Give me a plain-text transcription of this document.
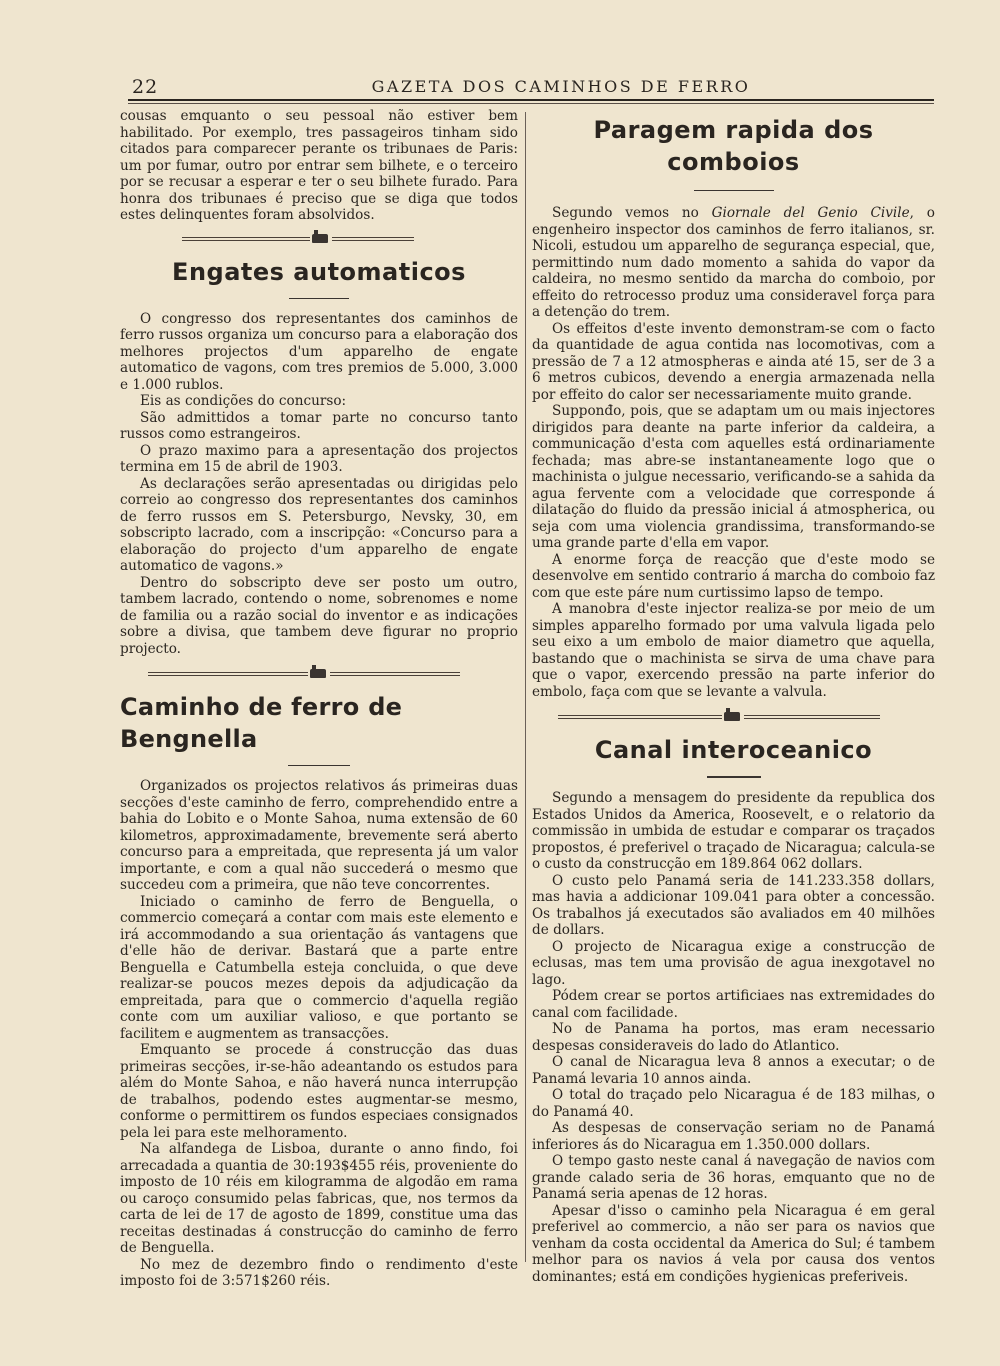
22	GAZETA DOS CAMINHOS DE FERRO

cousas emquanto o seu pessoal não estiver bem habilitado. Por exemplo, tres passageiros tinham sido citados para comparecer perante os tribunaes de Paris: um por fumar, outro por entrar sem bilhete, e o terceiro por se recusar a esperar e ter o seu bilhete furado. Para honra dos tribunaes é preciso que se diga que todos estes delinquentes foram absolvidos.

Engates automaticos

O congresso dos representantes dos caminhos de ferro russos organiza um concurso para a elaboração dos melhores projectos d'um apparelho de engate automatico de vagons, com tres premios de 5.000, 3.000 e 1.000 rublos.

Eis as condições do concurso:

São admittidos a tomar parte no concurso tanto russos como estrangeiros.

O prazo maximo para a apresentação dos projectos termina em 15 de abril de 1903.

As declarações serão apresentadas ou dirigidas pelo correio ao congresso dos representantes dos caminhos de ferro russos em S. Petersburgo, Nevsky, 30, em sobscripto lacrado, com a inscripção: «Concurso para a elaboração do projecto d'um apparelho de engate automatico de vagons.»

Dentro do sobscripto deve ser posto um outro, tambem lacrado, contendo o nome, sobrenomes e nome de familia ou a razão social do inventor e as indicações sobre a divisa, que tambem deve figurar no proprio projecto.

Caminho de ferro de Bengnella

Organizados os projectos relativos ás primeiras duas secções d'este caminho de ferro, comprehendido entre a bahia do Lobito e o Monte Sahoa, numa extensão de 60 kilometros, approximadamente, brevemente será aberto concurso para a empreitada, que representa já um valor importante, e com a qual não succederá o mesmo que succedeu com a primeira, que não teve concorrentes.

Iniciado o caminho de ferro de Benguella, o commercio começará a contar com mais este elemento e irá accommodando a sua orientação ás vantagens que d'elle hão de derivar. Bastará que a parte entre Benguella e Catumbella esteja concluida, o que deve realizar-se poucos mezes depois da adjudicação da empreitada, para que o commercio d'aquella região conte com um auxiliar valioso, e que portanto se facilitem e augmentem as transacções.

Emquanto se procede á construcção das duas primeiras secções, ir-se-hão adeantando os estudos para além do Monte Sahoa, e não haverá nunca interrupção de trabalhos, podendo estes augmentar-se mesmo, conforme o permittirem os fundos especiaes consignados pela lei para este melhoramento.

Na alfandega de Lisboa, durante o anno findo, foi arrecadada a quantia de 30:193$455 réis, proveniente do imposto de 10 réis em kilogramma de algodão em rama ou caroço consumido pelas fabricas, que, nos termos da carta de lei de 17 de agosto de 1899, constitue uma das receitas destinadas á construcção do caminho de ferro de Benguella.

No mez de dezembro findo o rendimento d'este imposto foi de 3:571$260 réis.

Paragem rapida dos comboios

Segundo vemos no Giornale del Genio Civile, o engenheiro inspector dos caminhos de ferro italianos, sr. Nicoli, estudou um apparelho de segurança especial, que, permittindo num dado momento a sahida do vapor da caldeira, no mesmo sentido da marcha do comboio, por effeito do retrocesso produz uma consideravel força para a detenção do trem.

Os effeitos d'este invento demonstram-se com o facto da quantidade de agua contida nas locomotivas, com a pressão de 7 a 12 atmospheras e ainda até 15, ser de 3 a 6 metros cubicos, devendo a energia armazenada nella por effeito do calor ser necessariamente muito grande.

Supponđo, pois, que se adaptam um ou mais injectores dirigidos para deante na parte inferior da caldeira, a communicação d'esta com aquelles está ordinariamente fechada; mas abre-se instantaneamente logo que o machinista o julgue necessario, verificando-se a sahida da agua fervente com a velocidade que corresponde á dilatação do fluido da pressão inicial á atmospherica, ou seja com uma violencia grandissima, transformando-se uma grande parte d'ella em vapor.

A enorme força de reacção que d'este modo se desenvolve em sentido contrario á marcha do comboio faz com que este páre num curtissimo lapso de tempo.

A manobra d'este injector realiza-se por meio de um simples apparelho formado por uma valvula ligada pelo seu eixo a um embolo de maior diametro que aquella, bastando que o machinista se sirva de uma chave para que o vapor, exercendo pressão na parte inferior do embolo, faça com que se levante a valvula.

Canal interoceanico

Segundo a mensagem do presidente da republica dos Estados Unidos da America, Roosevelt, e o relatorio da commissão in umbida de estudar e comparar os traçados propostos, é preferivel o traçado de Nicaragua; calcula-se o custo da construcção em 189.864 062 dollars.

O custo pelo Panamá seria de 141.233.358 dollars, mas havia a addicionar 109.041 para obter a concessão. Os trabalhos já executados são avaliados em 40 milhões de dollars.

O projecto de Nicaragua exige a construcção de eclusas, mas tem uma provisão de agua inexgotavel no lago.

Pódem crear se portos artificiaes nas extremidades do canal com facilidade.

No de Panama ha portos, mas eram necessario despesas consideraveis do lado do Atlantico.

O canal de Nicaragua leva 8 annos a executar; o de Panamá levaria 10 annos ainda.

O total do traçado pelo Nicaragua é de 183 milhas, o do Panamá 40.

As despesas de conservação seriam no de Panamá inferiores ás do Nicaragua em 1.350.000 dollars.

O tempo gasto neste canal á navegação de navios com grande calado seria de 36 horas, emquanto que no de Panamá seria apenas de 12 horas.

Apesar d'isso o caminho pela Nicaragua é em geral preferivel ao commercio, a não ser para os navios que venham da costa occidental da America do Sul; é tambem melhor para os navios á vela por causa dos ventos dominantes; está em condições hygienicas preferiveis.
